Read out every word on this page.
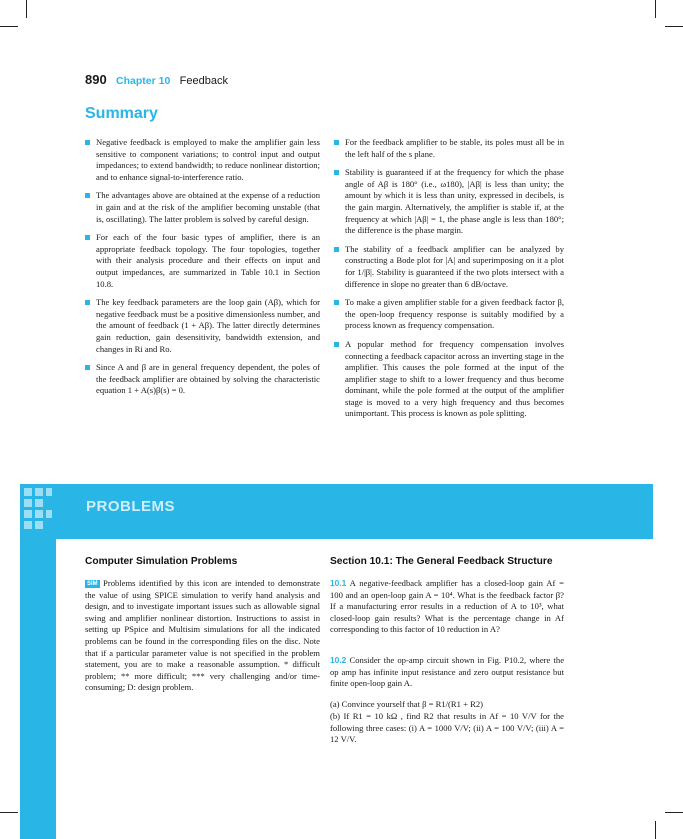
890 Chapter 10 Feedback
Summary

Negative feedback is employed to make the amplifier gain less sensitive to component variations; to control input and output impedances; to extend bandwidth; to reduce nonlinear distortion; and to enhance signal-to-interference ratio.

The advantages above are obtained at the expense of a reduction in gain and at the risk of the amplifier becoming unstable (that is, oscillating). The latter problem is solved by careful design.

For each of the four basic types of amplifier, there is an appropriate feedback topology. The four topologies, together with their analysis procedure and their effects on input and output impedances, are summarized in Table 10.1 in Section 10.8.

The key feedback parameters are the loop gain (Aβ), which for negative feedback must be a positive dimensionless number, and the amount of feedback (1 + Aβ). The latter directly determines gain reduction, gain desensitivity, bandwidth extension, and changes in Ri and Ro.

Since A and β are in general frequency dependent, the poles of the feedback amplifier are obtained by solving the characteristic equation 1 + A(s)β(s) = 0.

For the feedback amplifier to be stable, its poles must all be in the left half of the s plane.

Stability is guaranteed if at the frequency for which the phase angle of Aβ is 180° (i.e., ω180), |Aβ| is less than unity; the amount by which it is less than unity, expressed in decibels, is the gain margin. Alternatively, the amplifier is stable if, at the frequency at which |Aβ| = 1, the phase angle is less than 180°; the difference is the phase margin.

The stability of a feedback amplifier can be analyzed by constructing a Bode plot for |A| and superimposing on it a plot for 1/|β|. Stability is guaranteed if the two plots intersect with a difference in slope no greater than 6 dB/octave.

To make a given amplifier stable for a given feedback factor β, the open-loop frequency response is suitably modified by a process known as frequency compensation.

A popular method for frequency compensation involves connecting a feedback capacitor across an inverting stage in the amplifier. This causes the pole formed at the input of the amplifier stage to shift to a lower frequency and thus become dominant, while the pole formed at the output of the amplifier stage is moved to a very high frequency and thus becomes unimportant. This process is known as pole splitting.

PROBLEMS
Computer Simulation Problems
SIM Problems identified by this icon are intended to demonstrate the value of using SPICE simulation to verify hand analysis and design, and to investigate important issues such as allowable signal swing and amplifier nonlinear distortion. Instructions to assist in setting up PSpice and Multisim simulations for all the indicated problems can be found in the corresponding files on the disc. Note that if a particular parameter value is not specified in the problem statement, you are to make a reasonable assumption. * difficult problem; ** more difficult; *** very challenging and/or time-consuming; D: design problem.
Section 10.1: The General Feedback Structure
10.1 A negative-feedback amplifier has a closed-loop gain Af = 100 and an open-loop gain A = 10⁴. What is the feedback factor β? If a manufacturing error results in a reduction of A to 10³, what closed-loop gain results? What is the percentage change in Af corresponding to this factor of 10 reduction in A?
10.2 Consider the op-amp circuit shown in Fig. P10.2, where the op amp has infinite input resistance and zero output resistance but finite open-loop gain A.
(a) Convince yourself that β = R1/(R1 + R2)
(b) If R1 = 10 kΩ , find R2 that results in Af = 10 V/V for the following three cases: (i) A = 1000 V/V; (ii) A = 100 V/V; (iii) A = 12 V/V.
